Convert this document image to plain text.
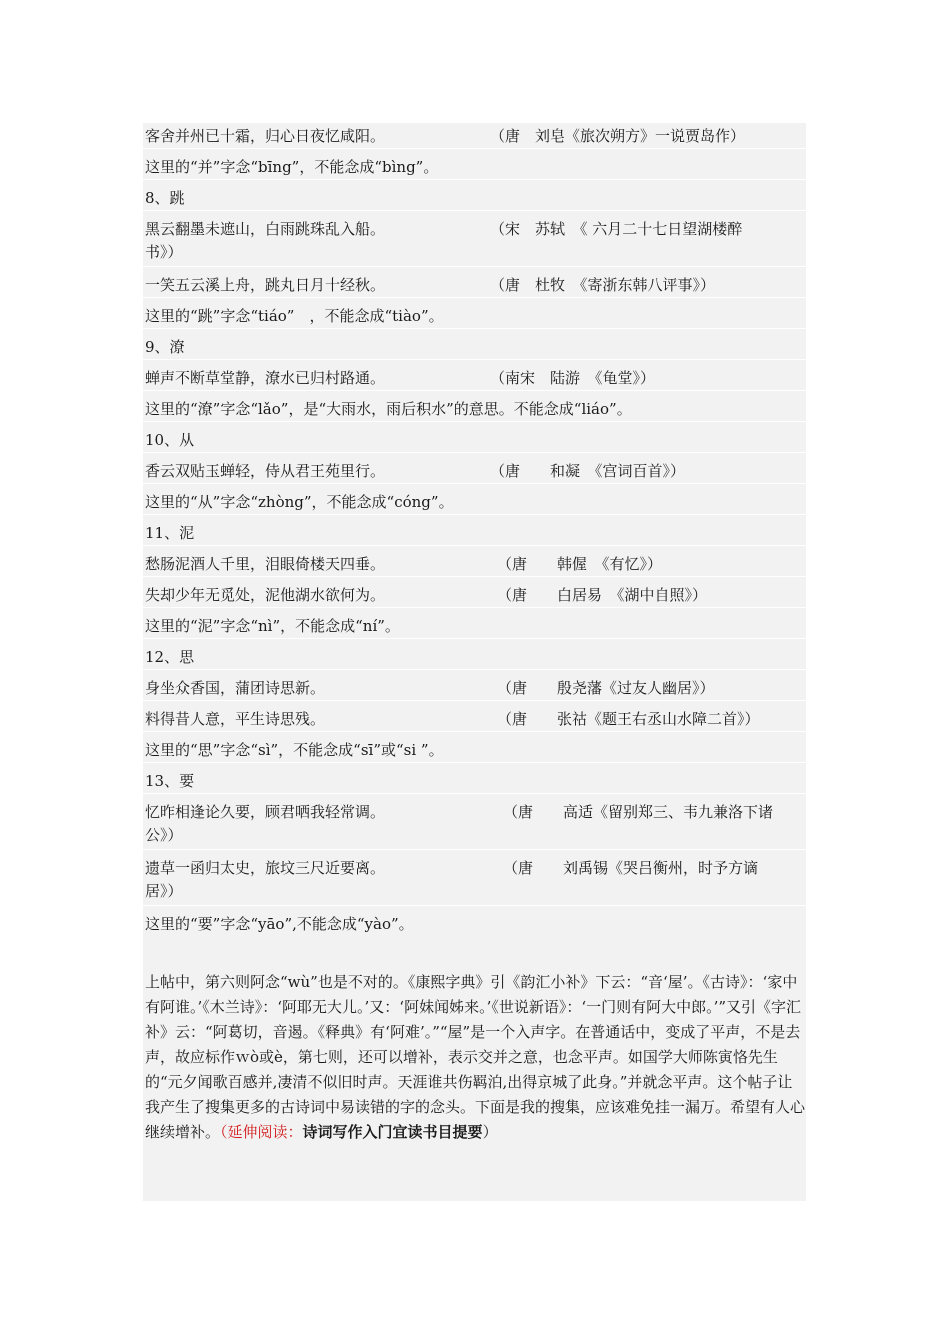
客舍并州已十霜，归心日夜忆咸阳。	（唐　刘皂《旅次朔方》一说贾岛作）
这里的“并”字念“bīng”，不能念成“bìng”。
8、跳
黑云翻墨未遮山，白雨跳珠乱入船。	（宋　苏轼　《 六月二十七日望湖楼醉
书》）
一笑五云溪上舟，跳丸日月十经秋。	（唐　杜牧　《寄浙东韩八评事》）
这里的“跳”字念“tiáo”　，不能念成“tiào”。
9、潦
蝉声不断草堂静，潦水已归村路通。	（南宋　陆游　《龟堂》）
这里的“潦”字念“lǎo”，是“大雨水，雨后积水”的意思。不能念成“liáo”。
10、从
香云双贴玉蝉轻，侍从君王苑里行。	（唐　　和凝　《宫词百首》）
这里的“从”字念“zhòng”，不能念成“cóng”。
11、泥
愁肠泥酒人千里，泪眼倚楼天四垂。	（唐　　韩偓　《有忆》）
失却少年无觅处，泥他湖水欲何为。	（唐　　白居易　《湖中自照》）
这里的“泥”字念“nì”，不能念成“ní”。
12、思
身坐众香国，蒲团诗思新。	（唐　　殷尧藩《过友人幽居》）
料得昔人意，平生诗思残。	（唐　　张祜《题王右丞山水障二首》）
这里的“思”字念“sì”，不能念成“sī”或“si ”。
13、要
忆昨相逢论久要，顾君哂我轻常调。	（唐　　高适《留别郑三、韦九兼洛下诸
公》）
遗草一函归太史，旅坟三尺近要离。	（唐　　刘禹锡《哭吕衡州，时予方谪
居》）
这里的“要”字念“yāo”,不能念成“yào”。

上帖中，第六则阿念“wù”也是不对的。《康熙字典》引《韵汇小补》下云：“音‘屋’。《古诗》：‘家中有阿谁。’《木兰诗》：‘阿耶无大儿。’又：‘阿妹闻姊来。’《世说新语》：‘一门则有阿大中郎。’”又引《字汇补》云：“阿葛切，音遏。《释典》有‘阿难’。”“屋”是一个入声字。在普通话中，变成了平声，不是去声，故应标作ｗò或è，第七则，还可以增补，表示交并之意，也念平声。如国学大师陈寅恪先生的“元夕闻歌百感并,凄清不似旧时声。天涯谁共伤羁泊,出得京城了此身。”并就念平声。这个帖子让我产生了搜集更多的古诗词中易读错的字的念头。下面是我的搜集，应该难免挂一漏万。希望有人心继续增补。（延伸阅读：诗词写作入门宜读书目提要）
